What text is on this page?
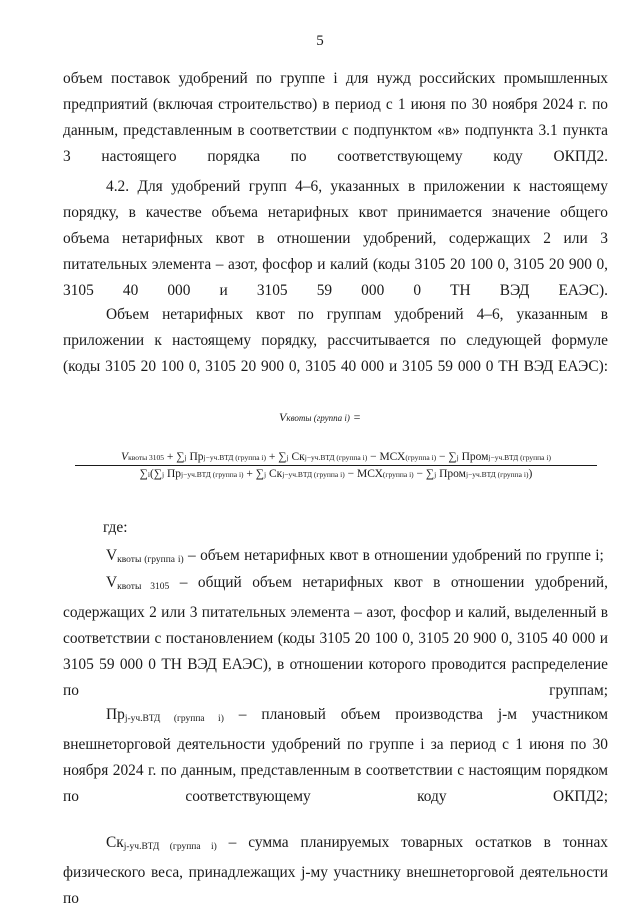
5
объем поставок удобрений по группе i для нужд российских промышленных предприятий (включая строительство) в период с 1 июня по 30 ноября 2024 г. по данным, представленным в соответствии с подпунктом «в» подпункта 3.1 пункта 3 настоящего порядка по соответствующему коду ОКПД2.
4.2. Для удобрений групп 4–6, указанных в приложении к настоящему порядку, в качестве объема нетарифных квот принимается значение общего объема нетарифных квот в отношении удобрений, содержащих 2 или 3 питательных элемента – азот, фосфор и калий (коды 3105 20 100 0, 3105 20 900 0, 3105 40 000 и 3105 59 000 0 ТН ВЭД ЕАЭС).
Объем нетарифных квот по группам удобрений 4–6, указанным в приложении к настоящему порядку, рассчитывается по следующей формуле (коды 3105 20 100 0, 3105 20 900 0, 3105 40 000 и 3105 59 000 0 ТН ВЭД ЕАЭС):
Vквоты (группа i) =
Vквоты 3105 + ∑j Прj−уч.ВТД (группа i) + ∑j Скj−уч.ВТД (группа i) − МСХ(группа i) − ∑j Промj−уч.ВТД (группа i)
∑i(∑j Прj−уч.ВТД (группа i) + ∑j Скj−уч.ВТД (группа i) − МСХ(группа i) − ∑j Промj−уч.ВТД (группа i))
где:
$V_{квоты (группа i)}$ – объем нетарифных квот в отношении удобрений по группе i;
$V_{квоты 3105}$ – общий объем нетарифных квот в отношении удобрений, содержащих 2 или 3 питательных элемента – азот, фосфор и калий, выделенный в соответствии с постановлением (коды 3105 20 100 0, 3105 20 900 0, 3105 40 000 и 3105 59 000 0 ТН ВЭД ЕАЭС), в отношении которого проводится распределение по группам;
$Пр_{j-уч.ВТД (группа i)}$ – плановый объем производства j-м участником внешнеторговой деятельности удобрений по группе i за период с 1 июня по 30 ноября 2024 г. по данным, представленным в соответствии с настоящим порядком по соответствующему коду ОКПД2;
$Ск_{j-уч.ВТД (группа i)}$ – сумма планируемых товарных остатков в тоннах физического веса, принадлежащих j-му участнику внешнеторговой деятельности по
